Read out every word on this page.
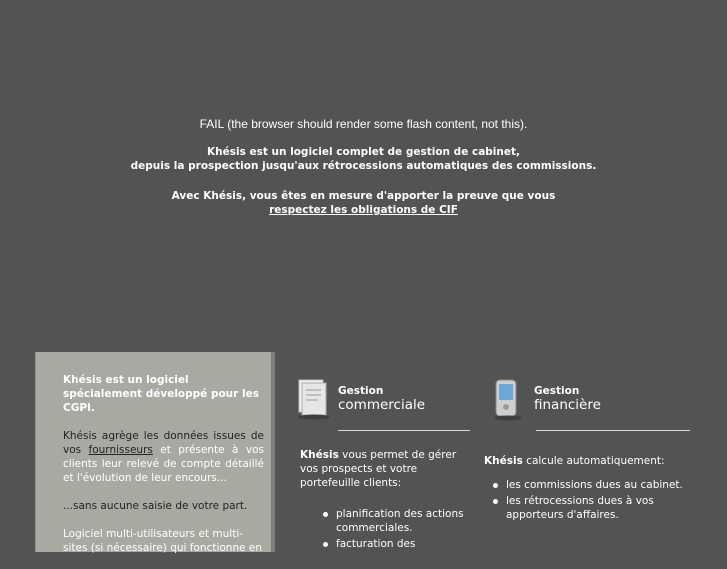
FAIL (the browser should render some flash content, not this).
Khésis est un logiciel complet de gestion de cabinet,
depuis la prospection jusqu'aux rétrocessions automatiques des commissions.
Avec Khésis, vous êtes en mesure d'apporter la preuve que vous
respectez les obligations de CIF

Khésis est un logiciel spécialement développé pour les CGPI.

Khésis agrège les données issues de vos fournisseurs et présente à vos clients leur relevé de compte détaillé et l'évolution de leur encours...

...sans aucune saisie de votre part.

Logiciel multi-utilisateurs et multi-sites (si nécessaire) qui fonctionne en

Gestion
commerciale
Khésis vous permet de gérer vos prospects et votre portefeuille clients:
planification des actions commerciales.
facturation des
Gestion
financière
Khésis calcule automatiquement:
les commissions dues au cabinet.
les rétrocessions dues à vos apporteurs d'affaires.
